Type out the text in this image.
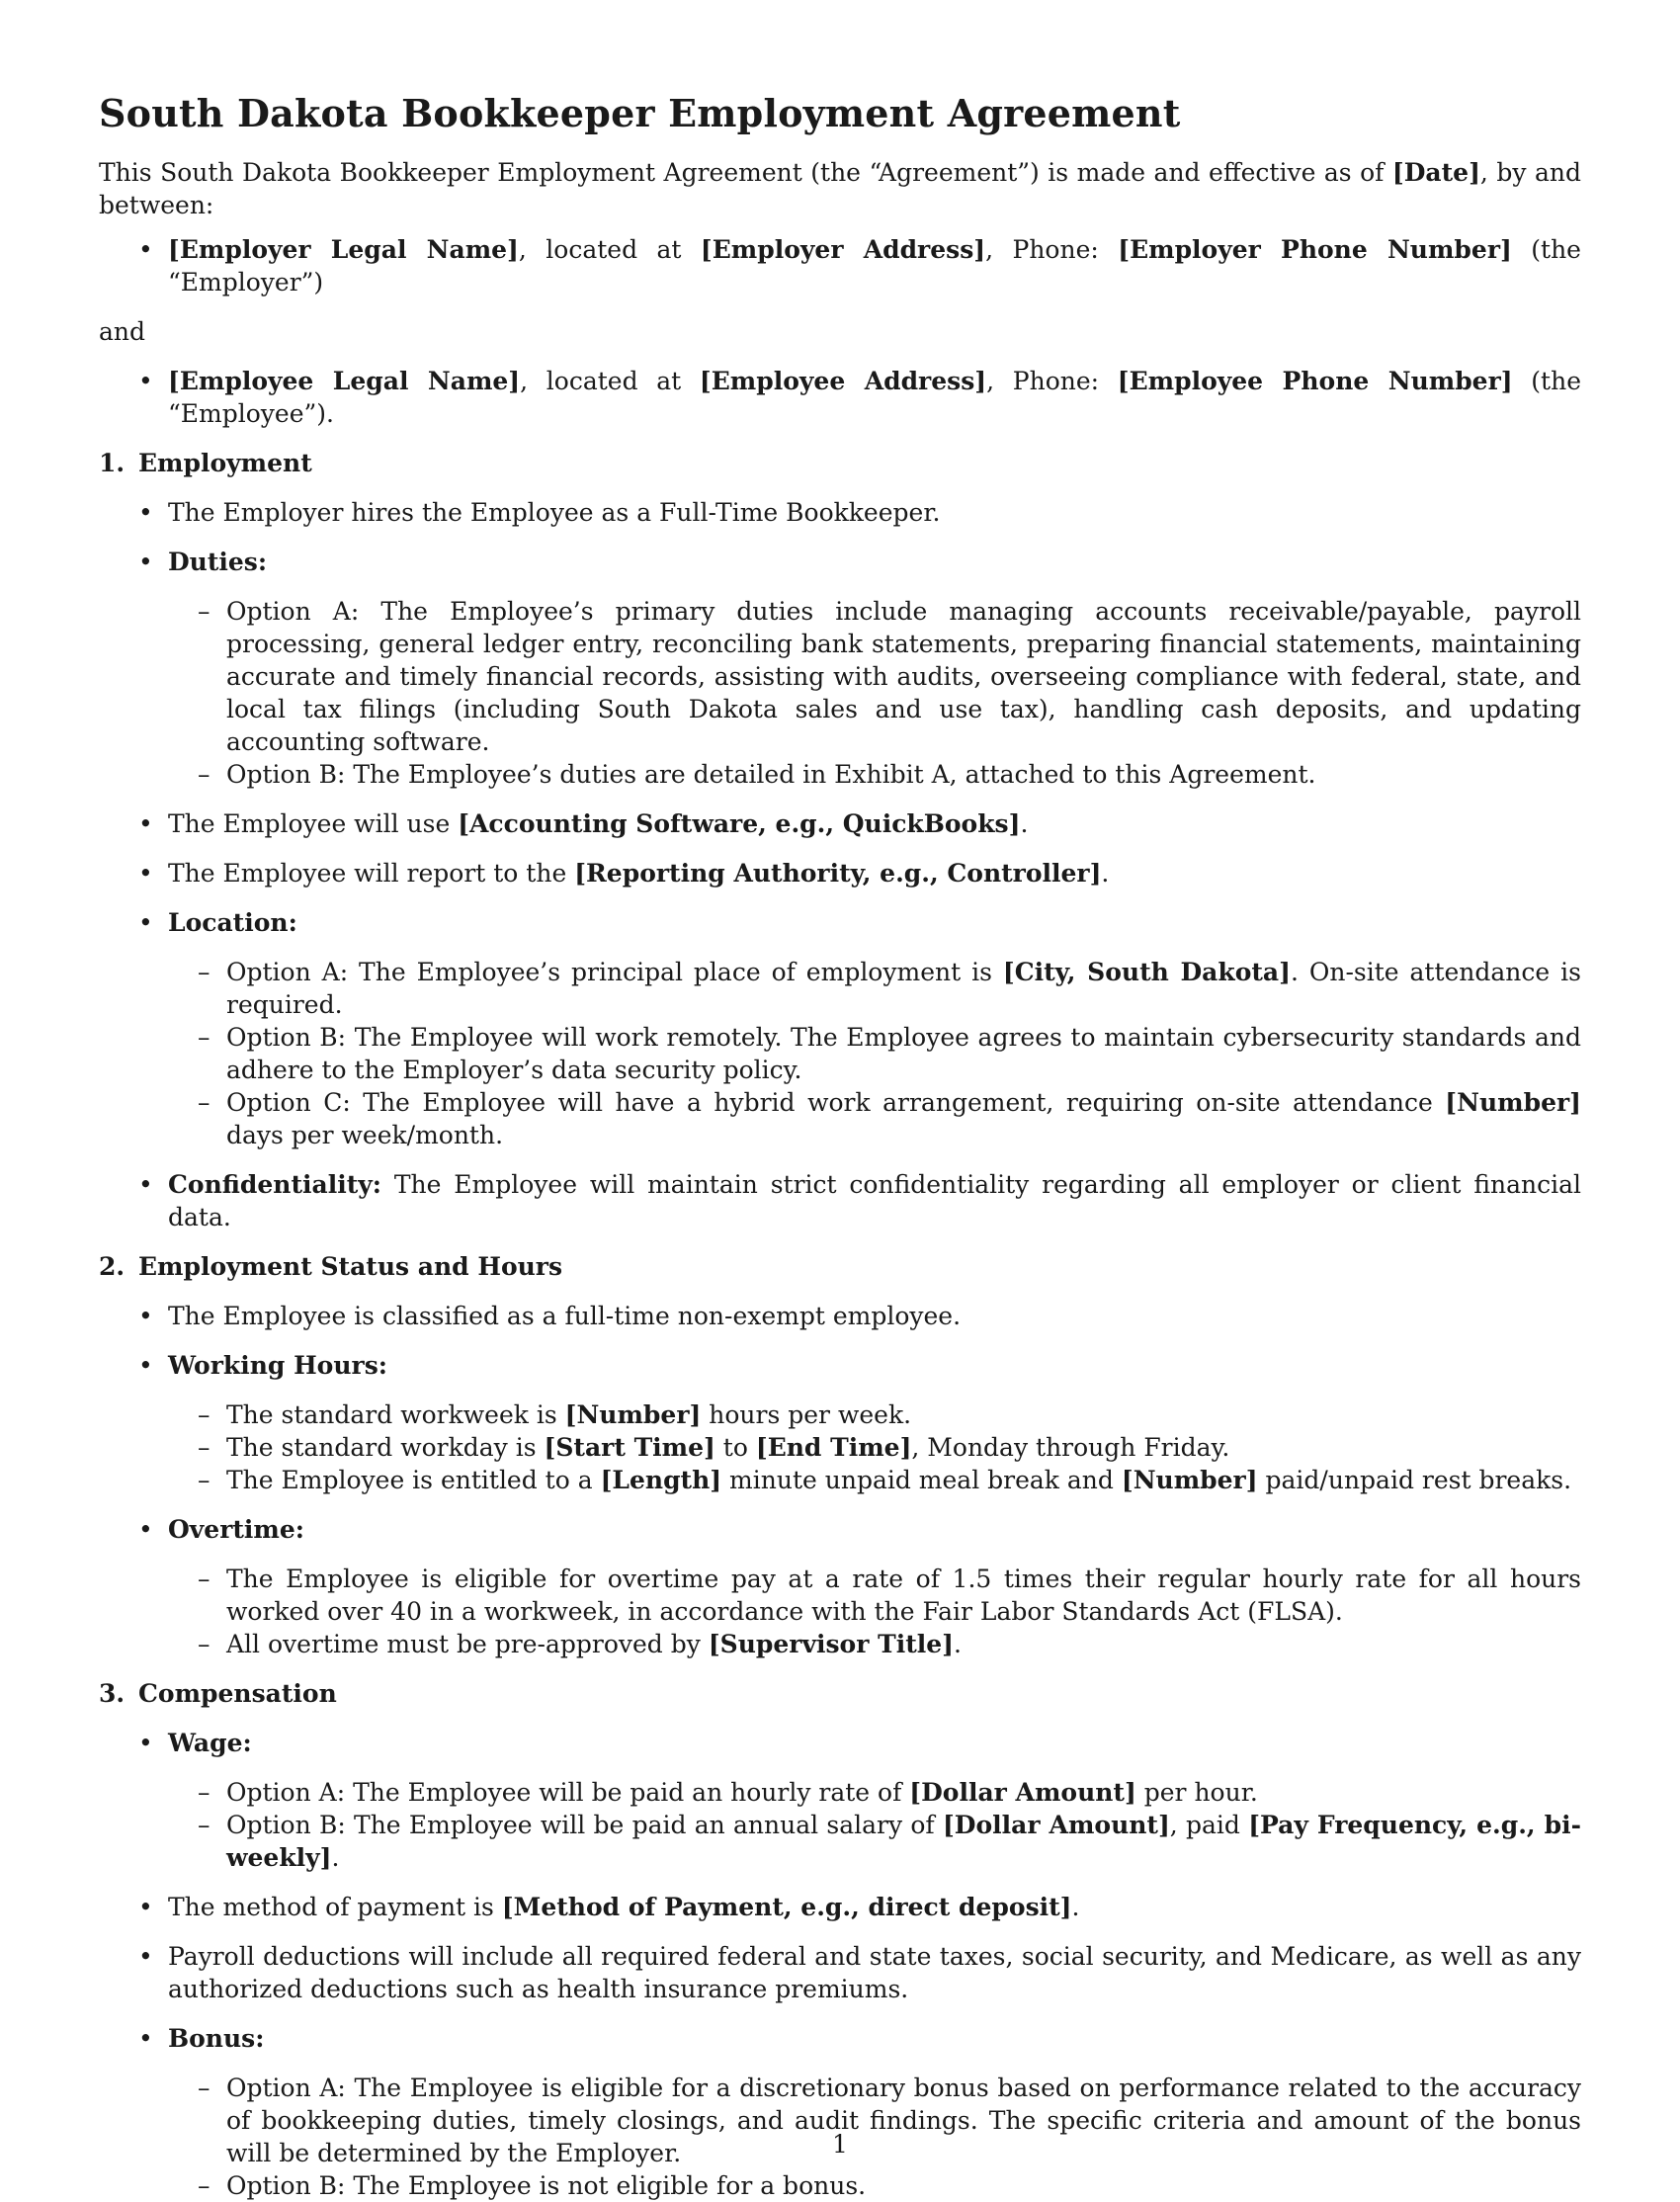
South Dakota Bookkeeper Employment Agreement

This South Dakota Bookkeeper Employment Agreement (the “Agreement”) is made and effective as of [Date], by and between:

• [Employer Legal Name], located at [Employer Address], Phone: [Employer Phone Number] (the “Employer”)

and

• [Employee Legal Name], located at [Employee Address], Phone: [Employee Phone Number] (the “Employee”).
1. Employment
• The Employer hires the Employee as a Full-Time Bookkeeper.
• Duties:
– Option A: The Employee’s primary duties include managing accounts receivable/payable, payroll processing, general ledger entry, reconciling bank statements, preparing financial statements, maintaining accurate and timely financial records, assisting with audits, overseeing compliance with federal, state, and local tax filings (including South Dakota sales and use tax), handling cash deposits, and updating accounting software.
– Option B: The Employee’s duties are detailed in Exhibit A, attached to this Agreement.
• The Employee will use [Accounting Software, e.g., QuickBooks].
• The Employee will report to the [Reporting Authority, e.g., Controller].
• Location:
– Option A: The Employee’s principal place of employment is [City, South Dakota]. On-site attendance is required.
– Option B: The Employee will work remotely. The Employee agrees to maintain cybersecurity standards and adhere to the Employer’s data security policy.
– Option C: The Employee will have a hybrid work arrangement, requiring on-site attendance [Number] days per week/month.
• Confidentiality: The Employee will maintain strict confidentiality regarding all employer or client financial data.
2. Employment Status and Hours
• The Employee is classified as a full-time non-exempt employee.
• Working Hours:
– The standard workweek is [Number] hours per week.
– The standard workday is [Start Time] to [End Time], Monday through Friday.
– The Employee is entitled to a [Length] minute unpaid meal break and [Number] paid/unpaid rest breaks.
• Overtime:
– The Employee is eligible for overtime pay at a rate of 1.5 times their regular hourly rate for all hours worked over 40 in a workweek, in accordance with the Fair Labor Standards Act (FLSA).
– All overtime must be pre-approved by [Supervisor Title].
3. Compensation
• Wage:
– Option A: The Employee will be paid an hourly rate of [Dollar Amount] per hour.
– Option B: The Employee will be paid an annual salary of [Dollar Amount], paid [Pay Frequency, e.g., bi-weekly].
• The method of payment is [Method of Payment, e.g., direct deposit].
• Payroll deductions will include all required federal and state taxes, social security, and Medicare, as well as any authorized deductions such as health insurance premiums.
• Bonus:
– Option A: The Employee is eligible for a discretionary bonus based on performance related to the accuracy of bookkeeping duties, timely closings, and audit findings. The specific criteria and amount of the bonus will be determined by the Employer.
– Option B: The Employee is not eligible for a bonus.
1
